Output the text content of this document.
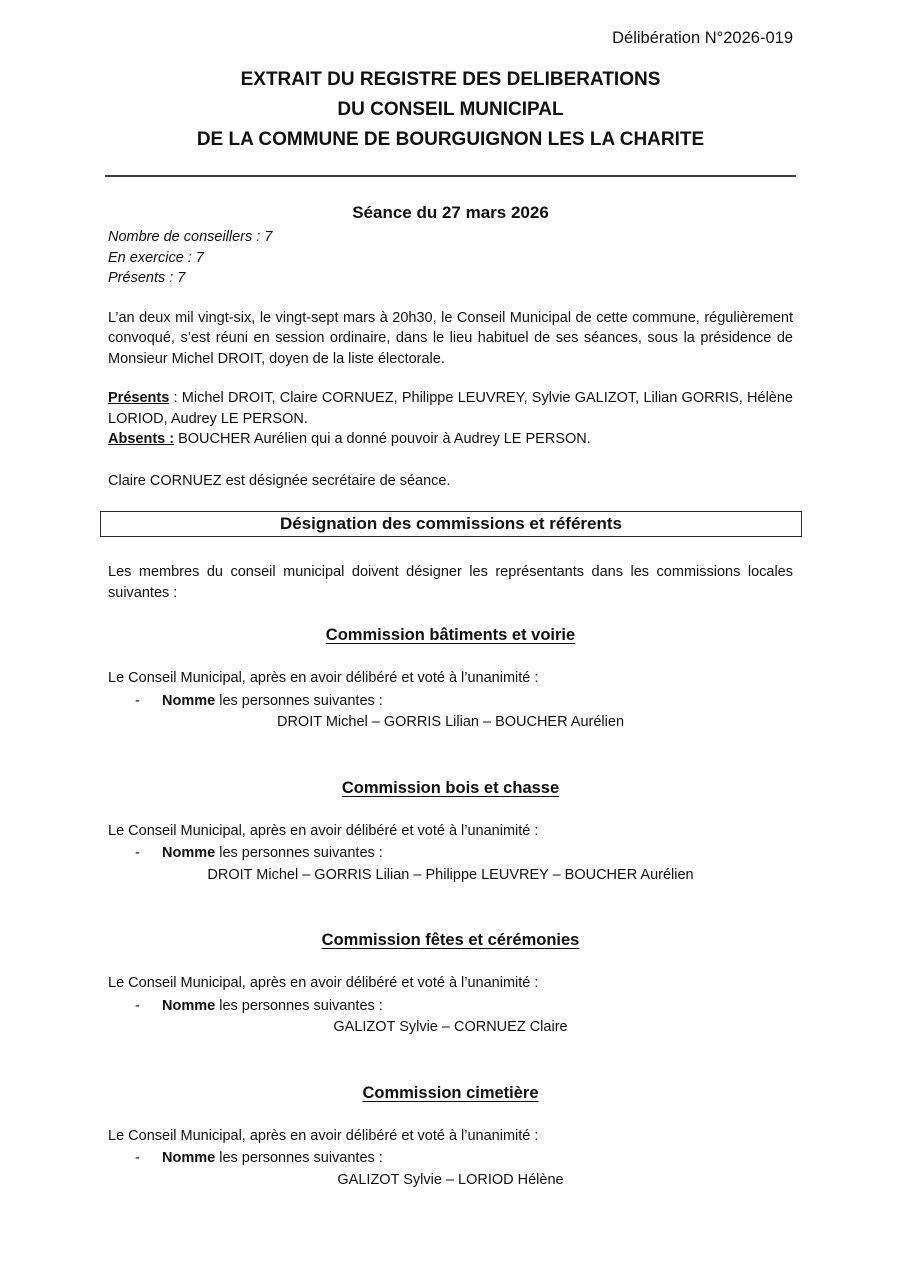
Délibération N°2026-019

EXTRAIT DU REGISTRE DES DELIBERATIONS
DU CONSEIL MUNICIPAL
DE LA COMMUNE DE BOURGUIGNON LES LA CHARITE
Séance du 27 mars 2026

Nombre de conseillers : 7

En exercice : 7

Présents : 7

L’an deux mil vingt-six, le vingt-sept mars à 20h30, le Conseil Municipal de cette commune, régulièrement convoqué, s’est réuni en session ordinaire, dans le lieu habituel de ses séances, sous la présidence de Monsieur Michel DROIT, doyen de la liste électorale.

Présents : Michel DROIT, Claire CORNUEZ, Philippe LEUVREY, Sylvie GALIZOT, Lilian GORRIS, Hélène LORIOD, Audrey LE PERSON.

Absents : BOUCHER Aurélien qui a donné pouvoir à Audrey LE PERSON.

Claire CORNUEZ est désignée secrétaire de séance.

Désignation des commissions et référents

Les membres du conseil municipal doivent désigner les représentants dans les commissions locales suivantes :

Commission bâtiments et voirie

Le Conseil Municipal, après en avoir délibéré et voté à l’unanimité :

- Nomme les personnes suivantes :

DROIT Michel – GORRIS Lilian – BOUCHER Aurélien

Commission bois et chasse

Le Conseil Municipal, après en avoir délibéré et voté à l’unanimité :

- Nomme les personnes suivantes :

DROIT Michel – GORRIS Lilian – Philippe LEUVREY – BOUCHER Aurélien

Commission fêtes et cérémonies

Le Conseil Municipal, après en avoir délibéré et voté à l’unanimité :

- Nomme les personnes suivantes :

GALIZOT Sylvie – CORNUEZ Claire

Commission cimetière

Le Conseil Municipal, après en avoir délibéré et voté à l’unanimité :

- Nomme les personnes suivantes :

GALIZOT Sylvie – LORIOD Hélène
